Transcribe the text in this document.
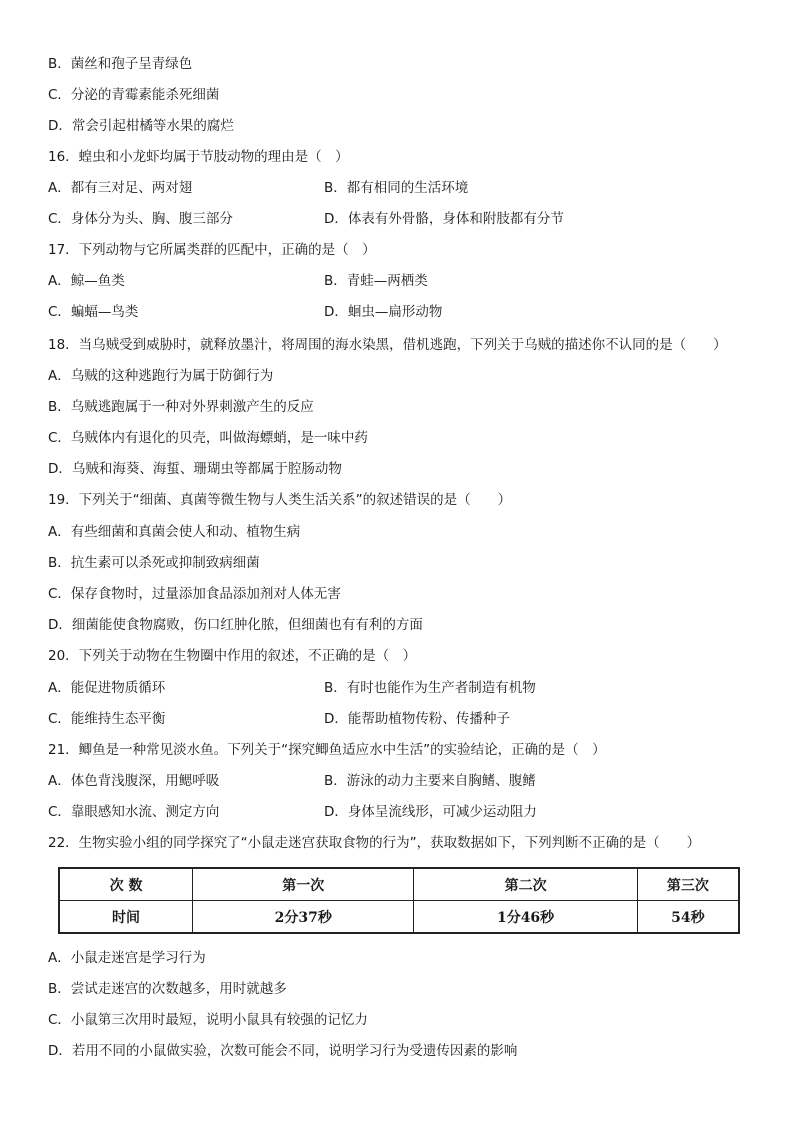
B．菌丝和孢子呈青绿色
C．分泌的青霉素能杀死细菌
D．常会引起柑橘等水果的腐烂
16．蝗虫和小龙虾均属于节肢动物的理由是（　）
A．都有三对足、两对翅	B．都有相同的生活环境
C．身体分为头、胸、腹三部分	D．体表有外骨骼，身体和附肢都有分节
17．下列动物与它所属类群的匹配中，正确的是（　）
A．鲸—鱼类	B．青蛙—两栖类
C．蝙蝠—鸟类	D．蛔虫—扁形动物
18．当乌贼受到威胁时，就释放墨汁，将周围的海水染黑，借机逃跑，下列关于乌贼的描述你不认同的是（　　）
A．乌贼的这种逃跑行为属于防御行为
B．乌贼逃跑属于一种对外界刺激产生的反应
C．乌贼体内有退化的贝壳，叫做海螵蛸，是一味中药
D．乌贼和海葵、海蜇、珊瑚虫等都属于腔肠动物
19．下列关于“细菌、真菌等微生物与人类生活关系”的叙述错误的是（　　）
A．有些细菌和真菌会使人和动、植物生病
B．抗生素可以杀死或抑制致病细菌
C．保存食物时，过量添加食品添加剂对人体无害
D．细菌能使食物腐败，伤口红肿化脓，但细菌也有有利的方面
20．下列关于动物在生物圈中作用的叙述，不正确的是（　）
A．能促进物质循环	B．有时也能作为生产者制造有机物
C．能维持生态平衡	D．能帮助植物传粉、传播种子
21．鲫鱼是一种常见淡水鱼。下列关于“探究鲫鱼适应水中生活”的实验结论，正确的是（　）
A．体色背浅腹深，用鳃呼吸	B．游泳的动力主要来自胸鳍、腹鳍
C．靠眼感知水流、测定方向	D．身体呈流线形，可减少运动阻力
22．生物实验小组的同学探究了“小鼠走迷宫获取食物的行为”，获取数据如下，下列判断不正确的是（　　）
次 数	第一次	第二次	第三次
时间	2分37秒	1分46秒	54秒
A．小鼠走迷宫是学习行为
B．尝试走迷宫的次数越多，用时就越多
C．小鼠第三次用时最短，说明小鼠具有较强的记忆力
D．若用不同的小鼠做实验，次数可能会不同，说明学习行为受遗传因素的影响
